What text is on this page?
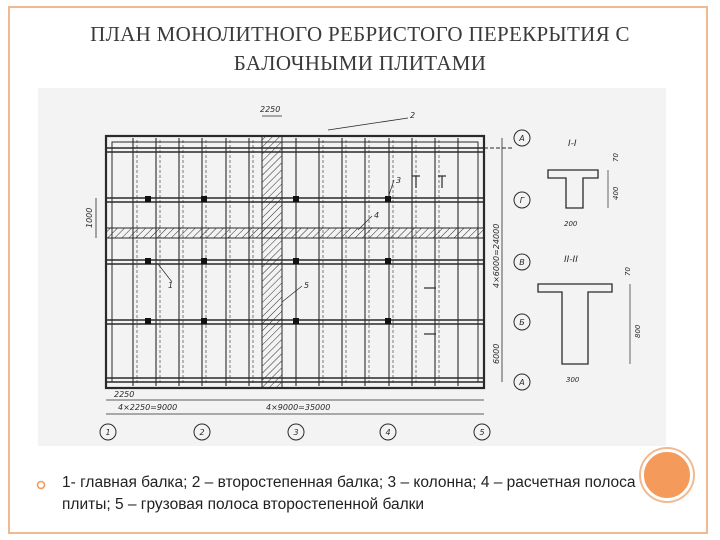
ПЛАН МОНОЛИТНОГО РЕБРИСТОГО ПЕРЕКРЫТИЯ С
БАЛОЧНЫМИ ПЛИТАМИ
2250
2
А
Г
В
Б
А
4×6000=24000
6000
1000
1
3
4
5
2250
4×2250=9000	4×9000=35000
1	2	3	4	5
I-I
70
400
200
II-II
70
800
300
1- главная балка; 2 – второстепенная балка; 3 – колонна; 4 – расчетная полоса плиты; 5 – грузовая полоса второстепенной балки
